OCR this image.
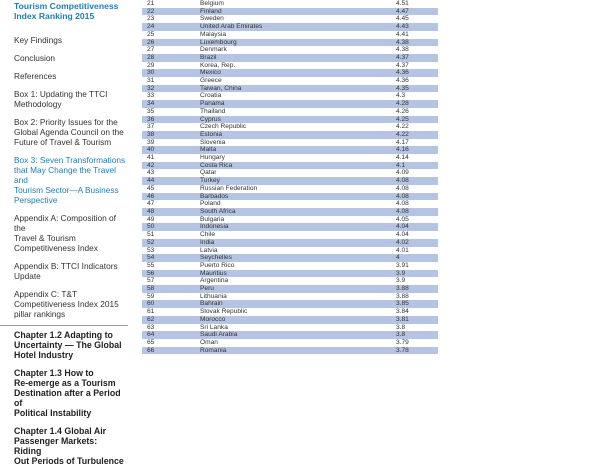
Tourism Competitiveness
Index Ranking 2015
Key Findings
Conclusion
References
Box 1: Updating the TTCI
Methodology
Box 2: Priority Issues for the
Global Agenda Council on the
Future of Travel & Tourism
Box 3: Seven Transformations
that May Change the Travel and
Tourism Sector—A Business
Perspective
Appendix A: Composition of the
Travel & Tourism
Competitiveness Index
Appendix B: TTCI Indicators
Update
Appendix C: T&T
Competitiveness Index 2015
pillar rankings
Chapter 1.2 Adapting to
Uncertainty — The Global
Hotel Industry
Chapter 1.3 How to
Re-emerge as a Tourism
Destination after a Period of
Political Instability
Chapter 1.4 Global Air
Passenger Markets: Riding
Out Periods of Turbulence
21	Belgium	4.51
22	Finland	4.47
23	Sweden	4.45
24	United Arab Emirates	4.43
25	Malaysia	4.41
26	Luxembourg	4.38
27	Denmark	4.38
28	Brazil	4.37
29	Korea, Rep.	4.37
30	Mexico	4.36
31	Greece	4.36
32	Taiwan, China	4.35
33	Croatia	4.3
34	Panama	4.28
35	Thailand	4.26
36	Cyprus	4.25
37	Czech Republic	4.22
38	Estonia	4.22
39	Slovenia	4.17
40	Malta	4.16
41	Hungary	4.14
42	Costa Rica	4.1
43	Qatar	4.09
44	Turkey	4.08
45	Russian Federation	4.08
46	Barbados	4.08
47	Poland	4.08
48	South Africa	4.08
49	Bulgaria	4.05
50	Indonesia	4.04
51	Chile	4.04
52	India	4.02
53	Latvia	4.01
54	Seychelles	4
55	Puerto Rico	3.91
56	Mauritius	3.9
57	Argentina	3.9
58	Peru	3.88
59	Lithuania	3.88
60	Bahrain	3.85
61	Slovak Republic	3.84
62	Morocco	3.81
63	Sri Lanka	3.8
64	Saudi Arabia	3.8
65	Oman	3.79
66	Romania	3.78
